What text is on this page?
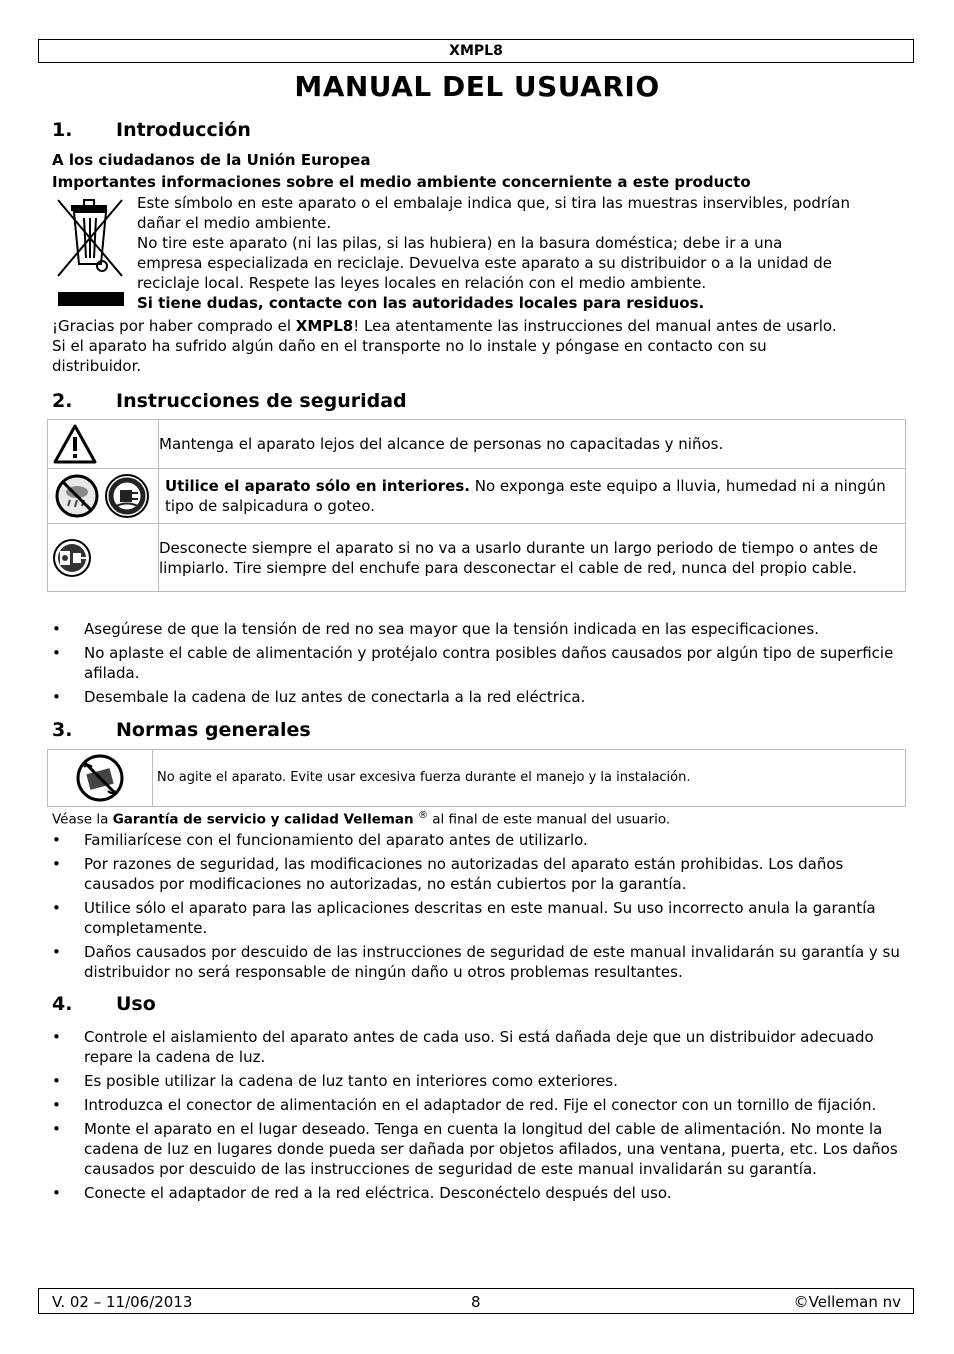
XMPL8
MANUAL DEL USUARIO
1. Introducción
A los ciudadanos de la Unión Europea
Importantes informaciones sobre el medio ambiente concerniente a este producto
Este símbolo en este aparato o el embalaje indica que, si tira las muestras inservibles, podrían
dañar el medio ambiente.
No tire este aparato (ni las pilas, si las hubiera) en la basura doméstica; debe ir a una
empresa especializada en reciclaje. Devuelva este aparato a su distribuidor o a la unidad de
reciclaje local. Respete las leyes locales en relación con el medio ambiente.
Si tiene dudas, contacte con las autoridades locales para residuos.
¡Gracias por haber comprado el XMPL8! Lea atentamente las instrucciones del manual antes de usarlo.
Si el aparato ha sufrido algún daño en el transporte no lo instale y póngase en contacto con su
distribuidor.
2. Instrucciones de seguridad
	Mantenga el aparato lejos del alcance de personas no capacitadas y niños.

	Utilice el aparato sólo en interiores. No exponga este equipo a lluvia, humedad ni a ningún tipo de salpicadura o goteo.

	Desconecte siempre el aparato si no va a usarlo durante un largo periodo de tiempo o antes de limpiarlo. Tire siempre del enchufe para desconectar el cable de red, nunca del propio cable.
• Asegúrese de que la tensión de red no sea mayor que la tensión indicada en las especificaciones.
• No aplaste el cable de alimentación y protéjalo contra posibles daños causados por algún tipo de superficie afilada.
• Desembale la cadena de luz antes de conectarla a la red eléctrica.
3. Normas generales
	No agite el aparato. Evite usar excesiva fuerza durante el manejo y la instalación.
Véase la Garantía de servicio y calidad Velleman ® al final de este manual del usuario.
• Familiarícese con el funcionamiento del aparato antes de utilizarlo.
• Por razones de seguridad, las modificaciones no autorizadas del aparato están prohibidas. Los daños causados por modificaciones no autorizadas, no están cubiertos por la garantía.
• Utilice sólo el aparato para las aplicaciones descritas en este manual. Su uso incorrecto anula la garantía completamente.
• Daños causados por descuido de las instrucciones de seguridad de este manual invalidarán su garantía y su distribuidor no será responsable de ningún daño u otros problemas resultantes.
4. Uso
• Controle el aislamiento del aparato antes de cada uso. Si está dañada deje que un distribuidor adecuado repare la cadena de luz.
• Es posible utilizar la cadena de luz tanto en interiores como exteriores.
• Introduzca el conector de alimentación en el adaptador de red. Fije el conector con un tornillo de fijación.
• Monte el aparato en el lugar deseado. Tenga en cuenta la longitud del cable de alimentación. No monte la cadena de luz en lugares donde pueda ser dañada por objetos afilados, una ventana, puerta, etc. Los daños causados por descuido de las instrucciones de seguridad de este manual invalidarán su garantía.
• Conecte el adaptador de red a la red eléctrica. Desconéctelo después del uso.
V. 02 – 11/06/2013	8	©Velleman nv
